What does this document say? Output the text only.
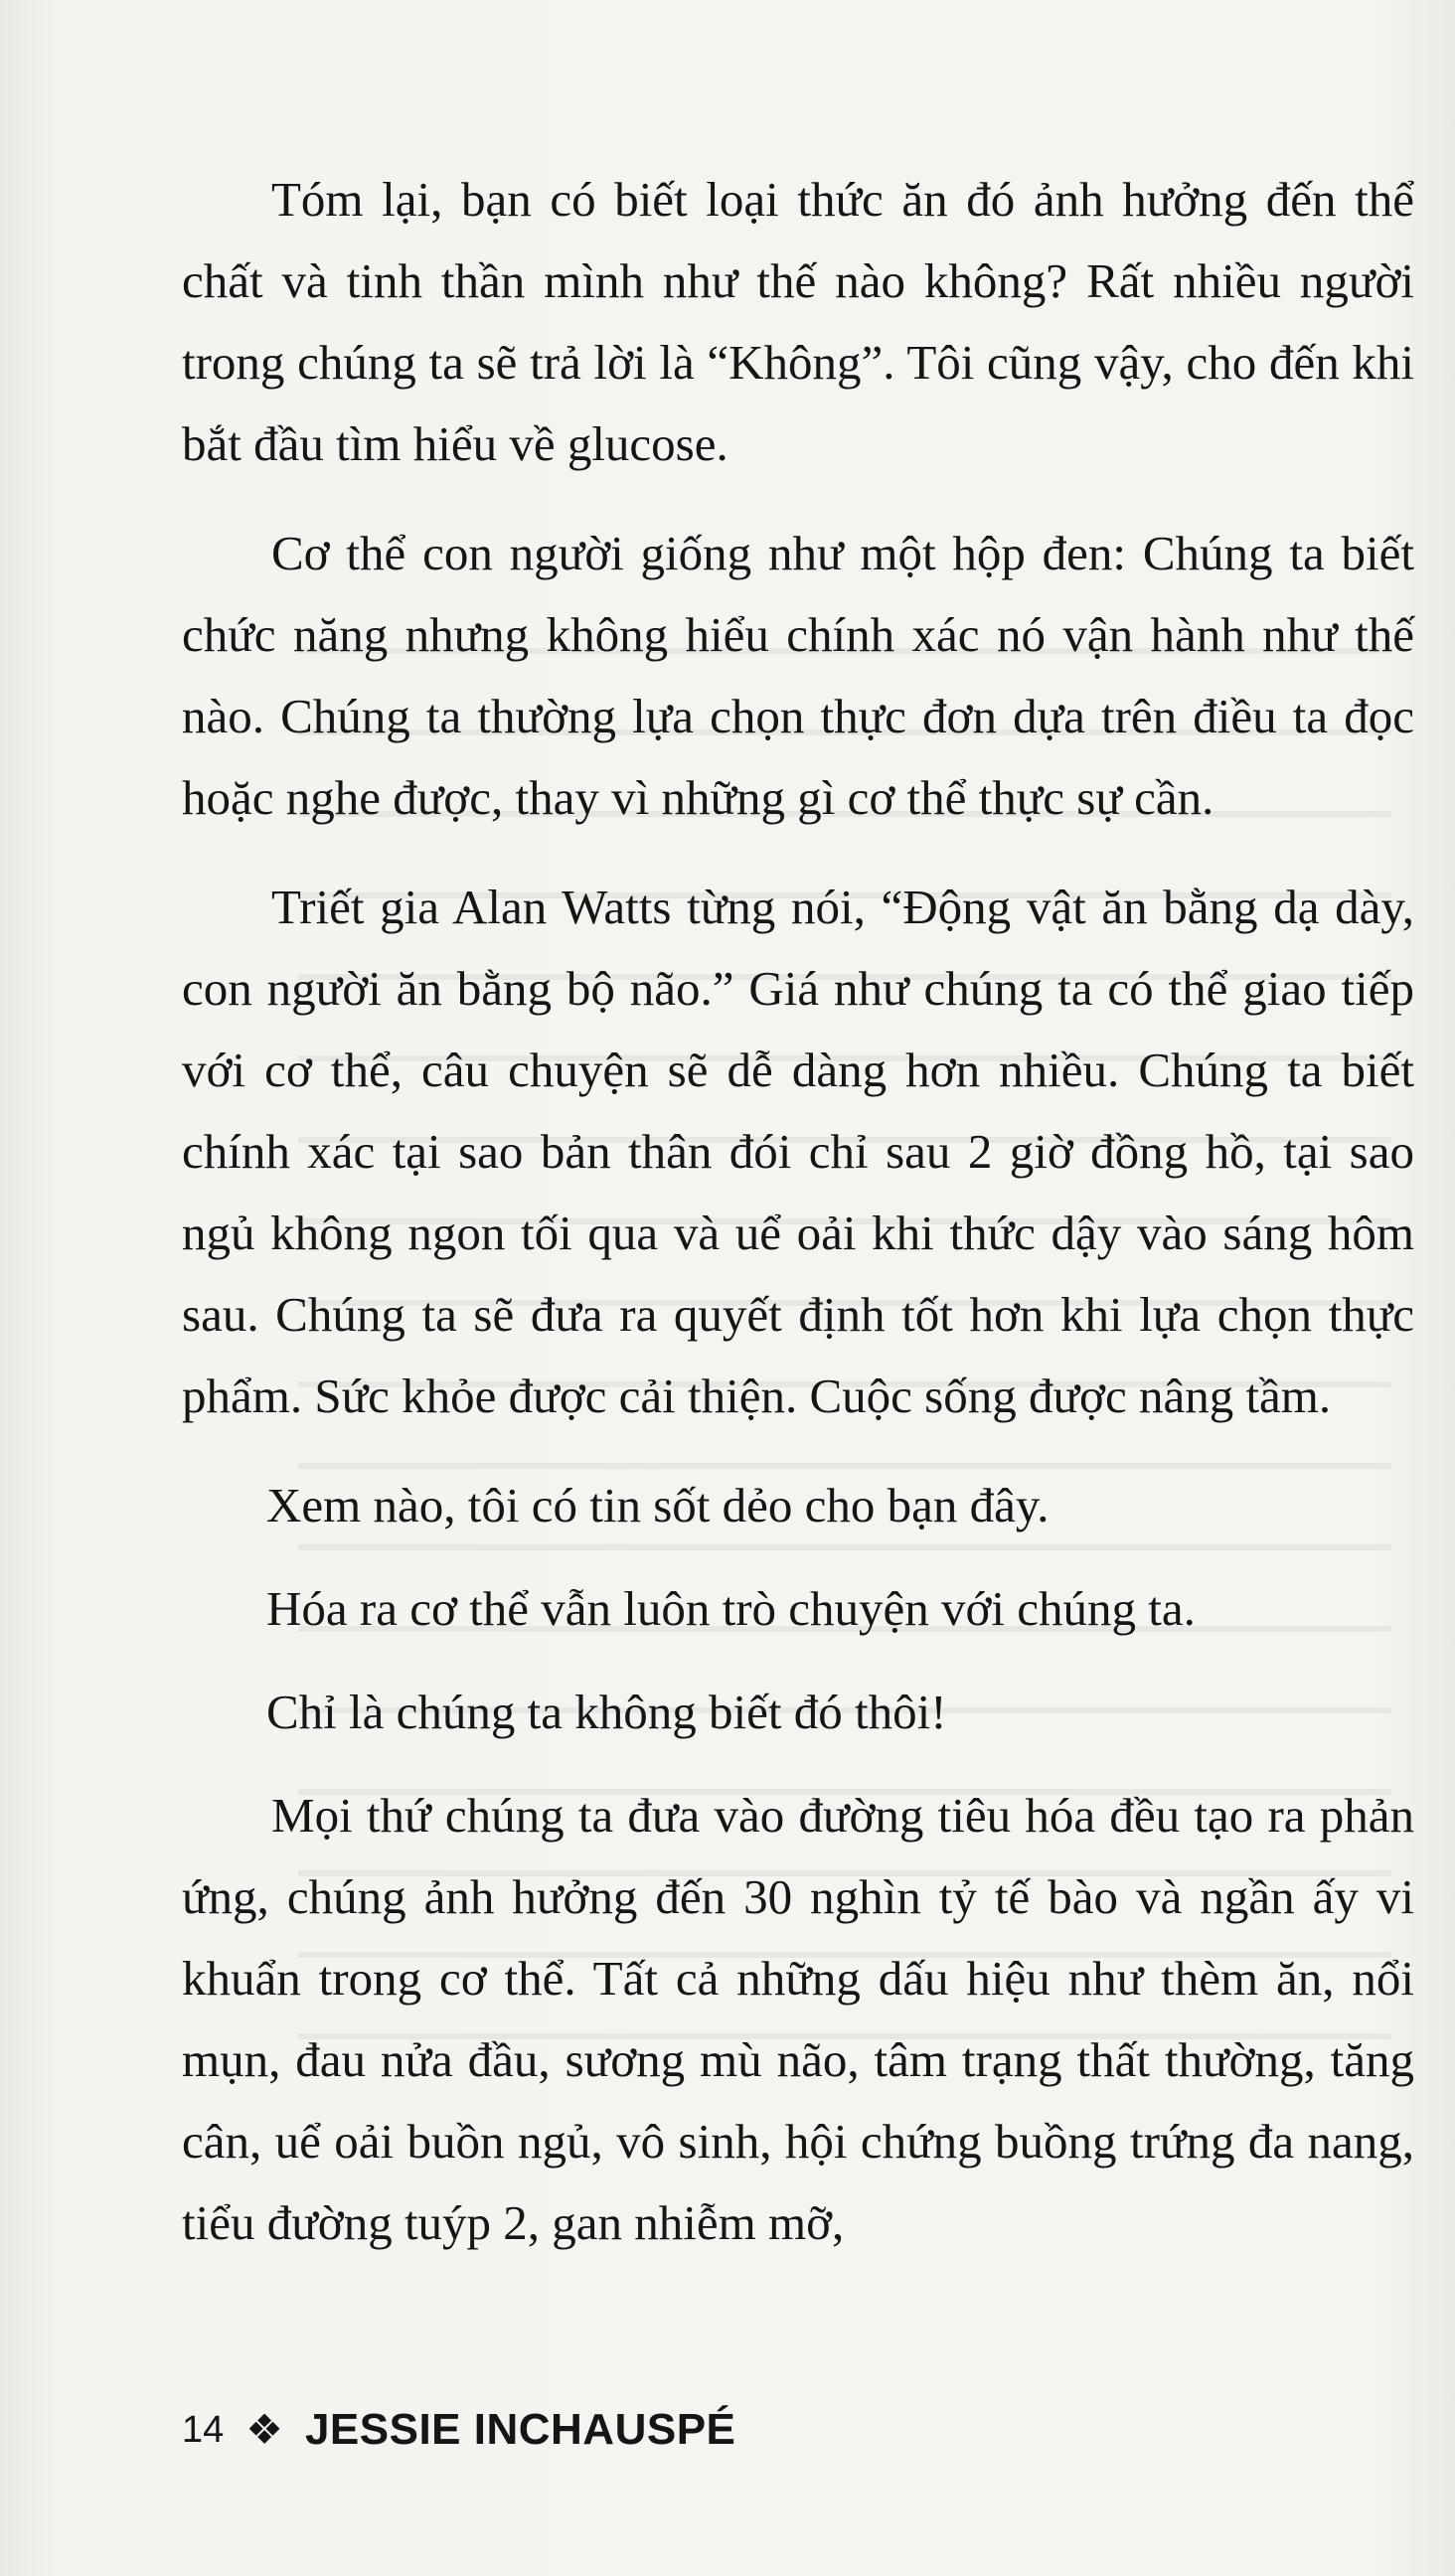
Tóm lại, bạn có biết loại thức ăn đó ảnh hưởng đến thể chất và tinh thần mình như thế nào không? Rất nhiều người trong chúng ta sẽ trả lời là “Không”. Tôi cũng vậy, cho đến khi bắt đầu tìm hiểu về glucose.

Cơ thể con người giống như một hộp đen: Chúng ta biết chức năng nhưng không hiểu chính xác nó vận hành như thế nào. Chúng ta thường lựa chọn thực đơn dựa trên điều ta đọc hoặc nghe được, thay vì những gì cơ thể thực sự cần.

Triết gia Alan Watts từng nói, “Động vật ăn bằng dạ dày, con người ăn bằng bộ não.” Giá như chúng ta có thể giao tiếp với cơ thể, câu chuyện sẽ dễ dàng hơn nhiều. Chúng ta biết chính xác tại sao bản thân đói chỉ sau 2 giờ đồng hồ, tại sao ngủ không ngon tối qua và uể oải khi thức dậy vào sáng hôm sau. Chúng ta sẽ đưa ra quyết định tốt hơn khi lựa chọn thực phẩm. Sức khỏe được cải thiện. Cuộc sống được nâng tầm.

Xem nào, tôi có tin sốt dẻo cho bạn đây.

Hóa ra cơ thể vẫn luôn trò chuyện với chúng ta.

Chỉ là chúng ta không biết đó thôi!

Mọi thứ chúng ta đưa vào đường tiêu hóa đều tạo ra phản ứng, chúng ảnh hưởng đến 30 nghìn tỷ tế bào và ngần ấy vi khuẩn trong cơ thể. Tất cả những dấu hiệu như thèm ăn, nổi mụn, đau nửa đầu, sương mù não, tâm trạng thất thường, tăng cân, uể oải buồn ngủ, vô sinh, hội chứng buồng trứng đa nang, tiểu đường tuýp 2, gan nhiễm mỡ,

14 ❖ JESSIE INCHAUSPÉ
